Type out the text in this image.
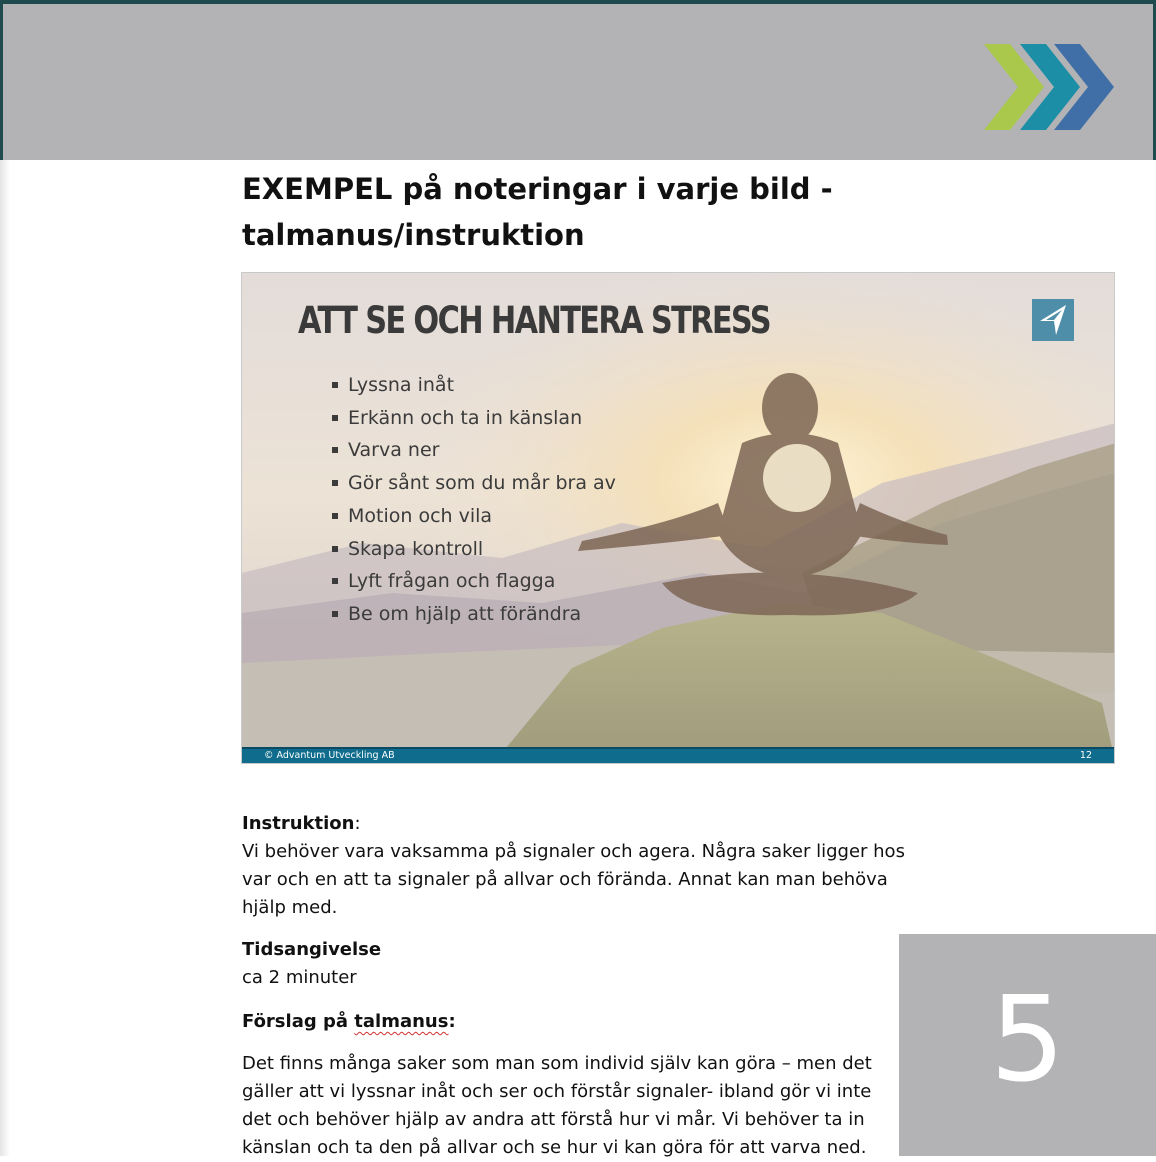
EXEMPEL på noteringar i varje bild - talmanus/instruktion
ATT SE OCH HANTERA STRESS
Lyssna inåt
Erkänn och ta in känslan
Varva ner
Gör sånt som du mår bra av
Motion och vila
Skapa kontroll
Lyft frågan och flagga
Be om hjälp att förändra
© Advantum Utveckling AB	12
Instruktion:
Vi behöver vara vaksamma på signaler och agera. Några saker ligger hos var och en att ta signaler på allvar och förända. Annat kan man behöva hjälp med.
Tidsangivelse
ca 2 minuter
Förslag på talmanus:
Det finns många saker som man som individ själv kan göra – men det gäller att vi lyssnar inåt och ser och förstår signaler- ibland gör vi inte det och behöver hjälp av andra att förstå hur vi mår. Vi behöver ta in känslan och ta den på allvar och se hur vi kan göra för att varva ned.
5
